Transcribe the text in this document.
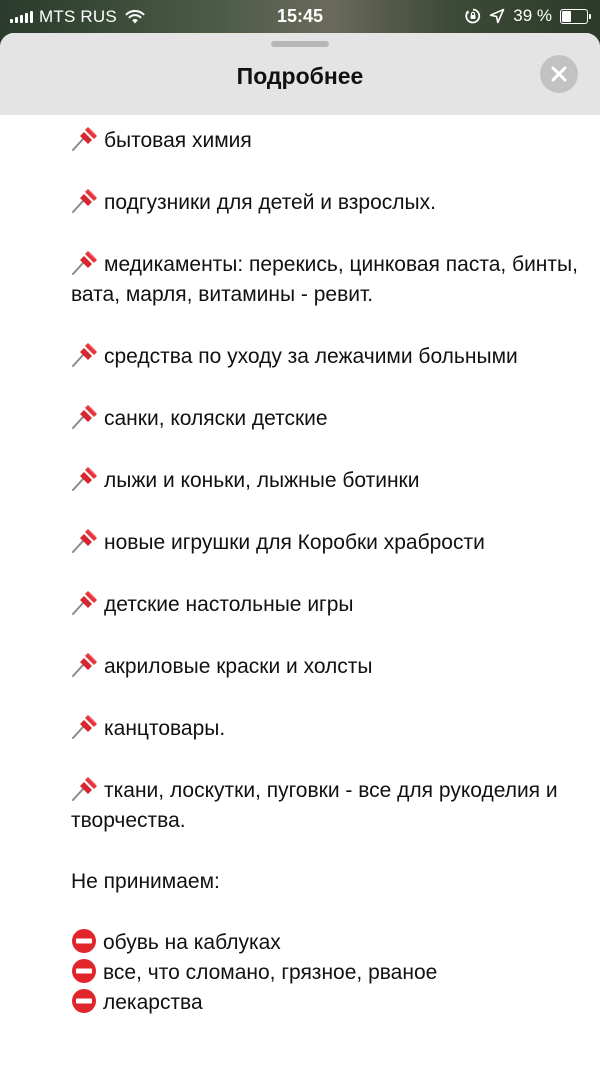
MTS RUS	15:45	39 %
Подробнее

бытовая химия

подгузники для детей и взрослых.

медикаменты: перекись, цинковая паста, бинты, вата, марля, витамины - ревит.

средства по уходу за лежачими больными

санки, коляски детские

лыжи и коньки, лыжные ботинки

новые игрушки для Коробки храбрости

детские настольные игры

акриловые краски и холсты

канцтовары.

ткани, лоскутки, пуговки - все для рукоделия и творчества.

Не принимаем:

обувь на каблуках
все, что сломано, грязное, рваное
лекарства
